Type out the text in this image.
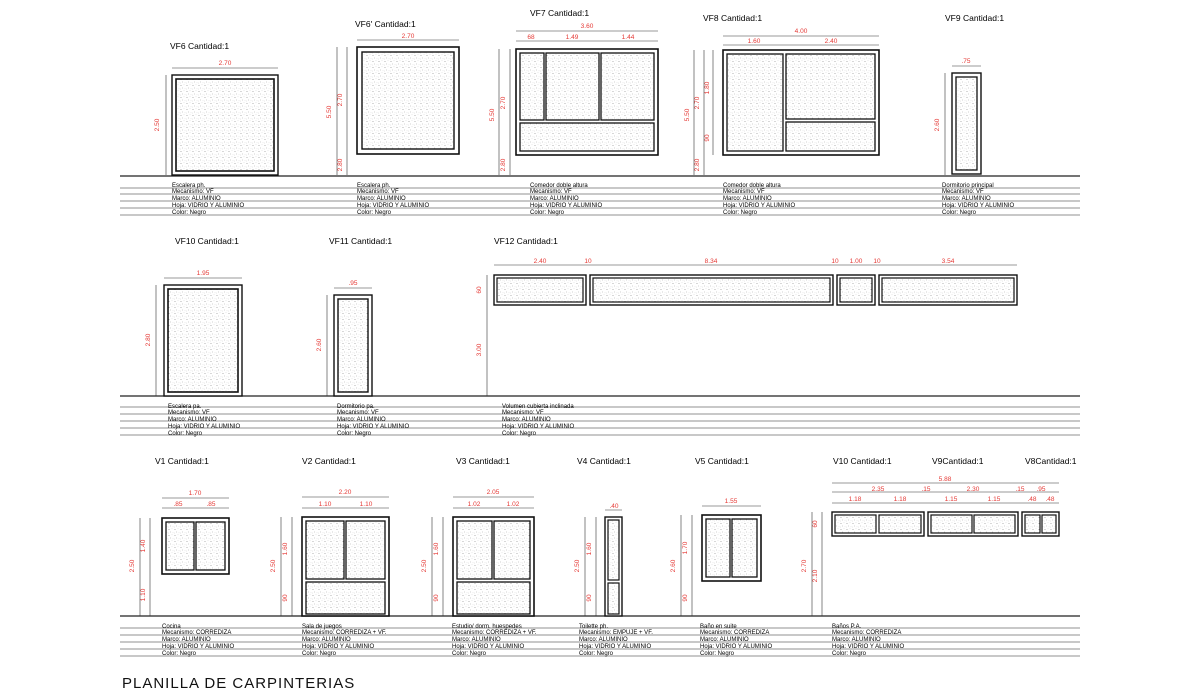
VF6 Cantidad:1
2.70
2.50
Escalera ph.
Mecanismo: VF
Marco: ALUMINIO
Hoja: VIDRIO Y ALUMINIO
Color: Negro
VF6' Cantidad:1
2.70
5.50
2.70
2.80
Escalera ph.
Mecanismo: VF
Marco: ALUMINIO
Hoja: VIDRIO Y ALUMINIO
Color: Negro
VF7 Cantidad:1
3.60
68	1.49	1.44
5.50
2.70
2.80
Comedor doble altura
Mecanismo: VF
Marco: ALUMINIO
Hoja: VIDRIO Y ALUMINIO
Color: Negro
VF8 Cantidad:1
4.00
1.60	2.40
5.50
2.70
1.80
90
2.80
Comedor doble altura
Mecanismo: VF
Marco: ALUMINIO
Hoja: VIDRIO Y ALUMINIO
Color: Negro
VF9 Cantidad:1
.75
2.60
Dormitorio principal
Mecanismo: VF
Marco: ALUMINIO
Hoja: VIDRIO Y ALUMINIO
Color: Negro
VF10 Cantidad:1
1.95
2.80
Escalera pa.
Mecanismo: VF
Marco: ALUMINIO
Hoja: VIDRIO Y ALUMINIO
Color: Negro
VF11 Cantidad:1
.95
2.60
Dormitorio pa.
Mecanismo: VF
Marco: ALUMINIO
Hoja: VIDRIO Y ALUMINIO
Color: Negro
VF12 Cantidad:1
2.40	10	8.34	10 1.00 10	3.54
60
3.00
Volumen cubierta inclinada
Mecanismo: VF
Marco: ALUMINIO
Hoja: VIDRIO Y ALUMINIO
Color: Negro
V1 Cantidad:1
1.70
.85	.85
2.50
1.40
1.10
Cocina
Mecanismo: CORREDIZA
Marco: ALUMINIO
Hoja: VIDRIO Y ALUMINIO
Color: Negro
V2 Cantidad:1
2.20
1.10	1.10
2.50
1.60
90
Sala de juegos
Mecanismo: CORREDIZA + VF.
Marco: ALUMINIO
Hoja: VIDRIO Y ALUMINIO
Color: Negro
V3 Cantidad:1
2.05
1.02	1.02
2.50
1.60
90
Estudio/ dorm. huespedes
Mecanismo: CORREDIZA + VF.
Marco: ALUMINIO
Hoja: VIDRIO Y ALUMINIO
Color: Negro
V4 Cantidad:1
.40
2.50
1.60
90
Toilette ph.
Mecanismo: EMPUJE + VF.
Marco: ALUMINIO
Hoja: VIDRIO Y ALUMINIO
Color: Negro
V5 Cantidad:1
1.55
2.60
1.70
90
Baño en suite
Mecanismo: CORREDIZA
Marco: ALUMINIO
Hoja: VIDRIO Y ALUMINIO
Color: Negro
V10 Cantidad:1	V9Cantidad:1	V8Cantidad:1
5.88
2.35	.15	2.30	.15 .95
1.18	1.18	1.15	1.15	.48 .48
2.70
60
2.10
Baños P.A.
Mecanismo: CORREDIZA
Marco: ALUMINIO
Hoja: VIDRIO Y ALUMINIO
Color: Negro
PLANILLA DE CARPINTERIAS
